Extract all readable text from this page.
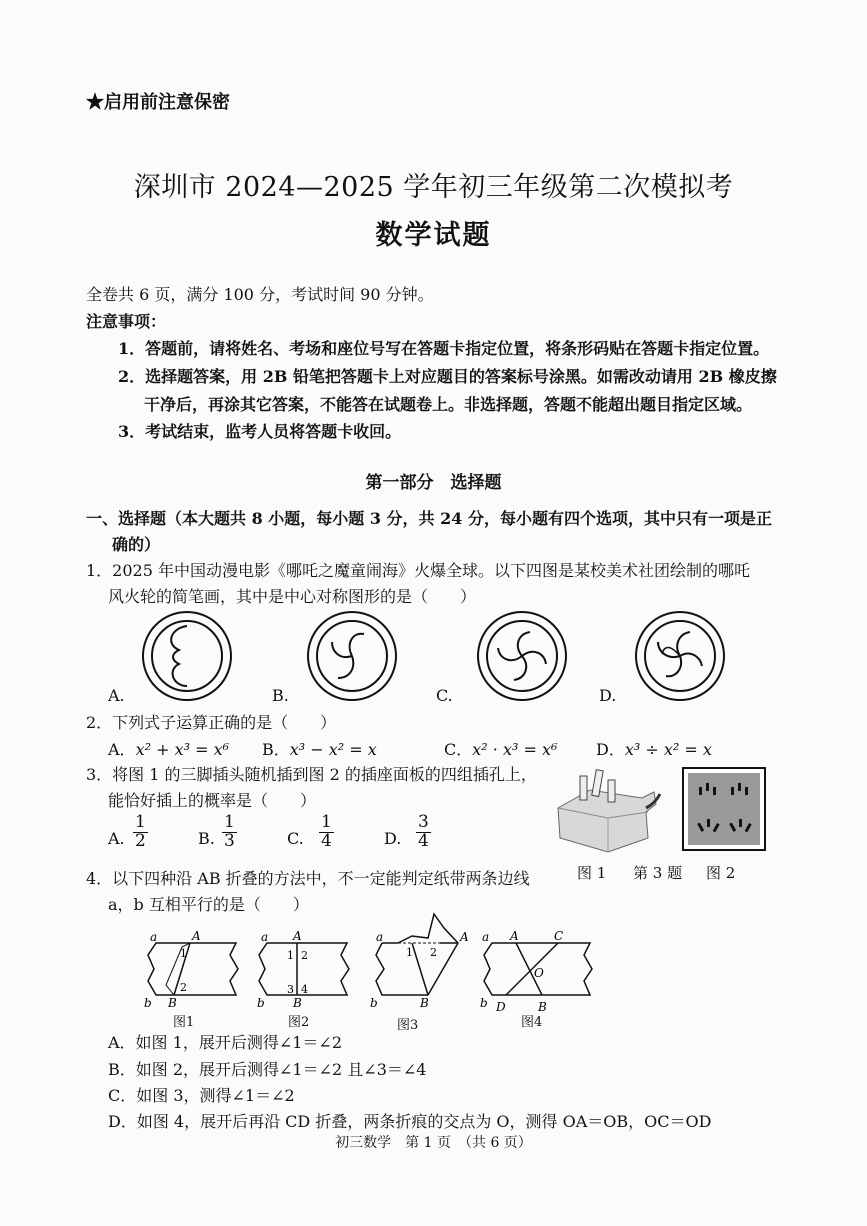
★启用前注意保密
深圳市 2024—2025 学年初三年级第二次模拟考
数学试题
全卷共 6 页，满分 100 分，考试时间 90 分钟。
注意事项：
1．答题前，请将姓名、考场和座位号写在答题卡指定位置，将条形码贴在答题卡指定位置。
2．选择题答案，用 2B 铅笔把答题卡上对应题目的答案标号涂黑。如需改动请用 2B 橡皮擦
干净后，再涂其它答案，不能答在试题卷上。非选择题，答题不能超出题目指定区域。
3．考试结束，监考人员将答题卡收回。
第一部分　选择题
一、选择题（本大题共 8 小题，每小题 3 分，共 24 分，每小题有四个选项，其中只有一项是正
确的）
1．2025 年中国动漫电影《哪吒之魔童闹海》火爆全球。以下四图是某校美术社团绘制的哪吒
风火轮的简笔画，其中是中心对称图形的是（　　）
A.	B.	C.	D.
2．下列式子运算正确的是（　　）
A．x² + x³ = x⁶ B．x³ − x² = x	C．x² · x³ = x⁶ D．x³ ÷ x² = x
3．将图 1 的三脚插头随机插到图 2 的插座面板的四组插孔上，
能恰好插上的概率是（　　）
A. $\frac{1}{2}$	B. $\frac{1}{3}$	C. $\frac{1}{4}$	D. $\frac{3}{4}$
图 1 第 3 题 图 2
4．以下四种沿 AB 折叠的方法中，不一定能判定纸带两条边线
a，b 互相平行的是（　　）
a	A
1
2
b B
图1
a A
1 2
3 4
b B
图2
a	A
1 2
b	B
图3
a A	C
O
b D	B
图4
A．如图 1，展开后测得∠1＝∠2
B．如图 2，展开后测得∠1＝∠2 且∠3＝∠4
C．如图 3，测得∠1＝∠2
D．如图 4，展开后再沿 CD 折叠，两条折痕的交点为 O，测得 OA＝OB，OC＝OD
初三数学　第 1 页　（共 6 页）
